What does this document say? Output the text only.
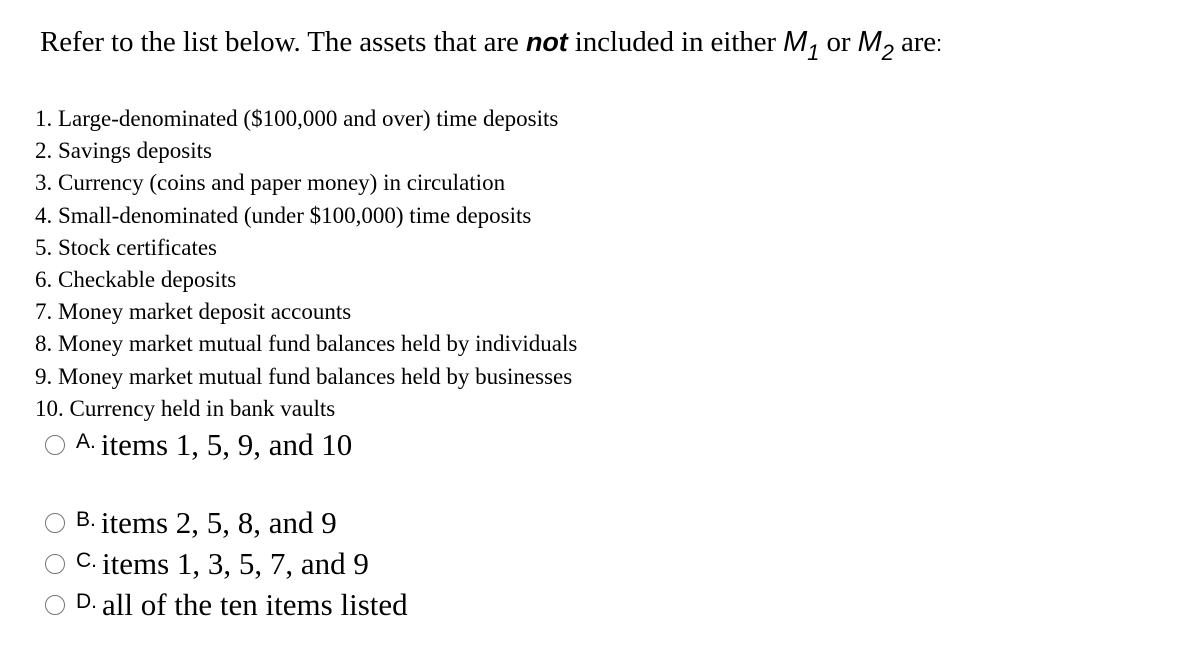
Refer to the list below. The assets that are not included in either $M_1$ or $M_2$ are:
1. Large-denominated ($100,000 and over) time deposits
2. Savings deposits
3. Currency (coins and paper money) in circulation
4. Small-denominated (under $100,000) time deposits
5. Stock certificates
6. Checkable deposits
7. Money market deposit accounts
8. Money market mutual fund balances held by individuals
9. Money market mutual fund balances held by businesses
10. Currency held in bank vaults
A. items 1, 5, 9, and 10
B. items 2, 5, 8, and 9
C. items 1, 3, 5, 7, and 9
D. all of the ten items listed
